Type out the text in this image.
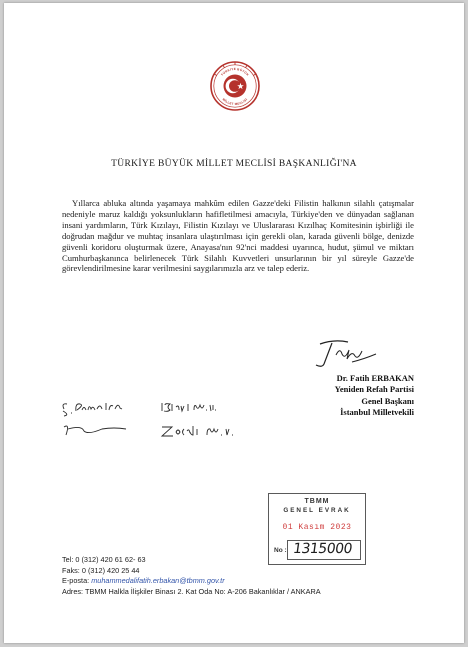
TÜRKİYE BÜYÜK
MİLLET MECLİSİ
TÜRKİYE BÜYÜK MİLLET MECLİSİ BAŞKANLIĞI'NA

Yıllarca abluka altında yaşamaya mahkûm edilen Gazze'deki Filistin halkının silahlı çatışmalar nedeniyle maruz kaldığı yoksunlukların hafifletilmesi amacıyla, Türkiye'den ve dünyadan sağlanan insani yardımların, Türk Kızılayı, Filistin Kızılayı ve Uluslararası Kızılhaç Komitesinin işbirliği ile doğrudan mağdur ve muhtaç insanlara ulaştırılması için gerekli olan, karada güvenli bölge, denizde güvenli koridoru oluşturmak üzere, Anayasa'nın 92'nci maddesi uyarınca, hudut, şümul ve miktarı Cumhurbaşkanınca belirlenecek Türk Silahlı Kuvvetleri unsurlarının bir yıl süreyle Gazze'de görevlendirilmesine karar verilmesini saygılarımızla arz ve talep ederiz.

Dr. Fatih ERBAKAN
Yeniden Refah Partisi
Genel Başkanı
İstanbul Milletvekili
TBMM
GENEL EVRAK
01 Kasım 2023
No : 1315000
Tel: 0 (312) 420 61 62- 63
Faks: 0 (312) 420 25 44
E-posta: muhammedalifatih.erbakan@tbmm.gov.tr
Adres: TBMM Halkla İlişkiler Binası 2. Kat Oda No: A-206 Bakanlıklar / ANKARA
